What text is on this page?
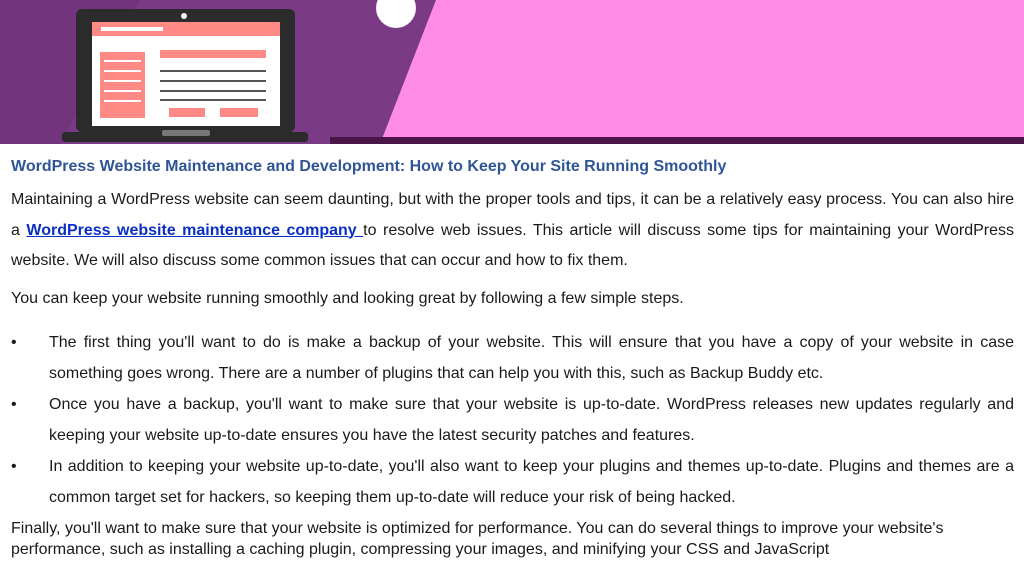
WordPress Website Maintenance and Development: How to Keep Your Site Running Smoothly

Maintaining a WordPress website can seem daunting, but with the proper tools and tips, it can be a relatively easy process. You can also hire a WordPress website maintenance company to resolve web issues. This article will discuss some tips for maintaining your WordPress website. We will also discuss some common issues that can occur and how to fix them.

You can keep your website running smoothly and looking great by following a few simple steps.

•	The first thing you'll want to do is make a backup of your website. This will ensure that you have a copy of your website in case something goes wrong. There are a number of plugins that can help you with this, such as Backup Buddy etc.
•	Once you have a backup, you'll want to make sure that your website is up-to-date. WordPress releases new updates regularly and keeping your website up-to-date ensures you have the latest security patches and features.
•	In addition to keeping your website up-to-date, you'll also want to keep your plugins and themes up-to-date. Plugins and themes are a common target set for hackers, so keeping them up-to-date will reduce your risk of being hacked.

Finally, you'll want to make sure that your website is optimized for performance. You can do several things to improve your website's performance, such as installing a caching plugin, compressing your images, and minifying your CSS and JavaScript
